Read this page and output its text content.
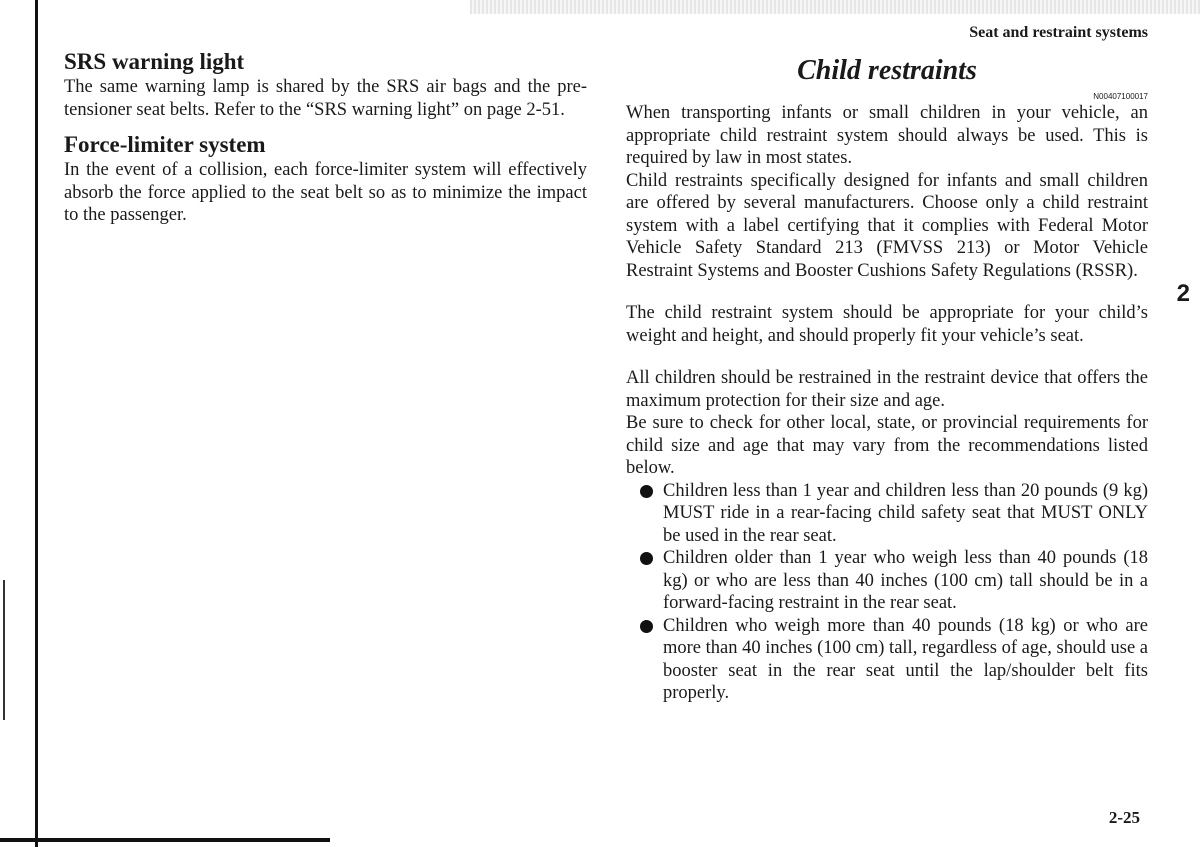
Seat and restraint systems
SRS warning light

The same warning lamp is shared by the SRS air bags and the pre-tensioner seat belts. Refer to the “SRS warning light” on page 2-51.

Force-limiter system

In the event of a collision, each force-limiter system will effectively absorb the force applied to the seat belt so as to minimize the impact to the passenger.

Child restraints
N00407100017

When transporting infants or small children in your vehicle, an appropriate child restraint system should always be used. This is required by law in most states.

Child restraints specifically designed for infants and small children are offered by several manufacturers. Choose only a child restraint system with a label certifying that it complies with Federal Motor Vehicle Safety Standard 213 (FMVSS 213) or Motor Vehicle Restraint Systems and Booster Cushions Safety Regulations (RSSR).

The child restraint system should be appropriate for your child’s weight and height, and should properly fit your vehicle’s seat.

All children should be restrained in the restraint device that offers the maximum protection for their size and age.

Be sure to check for other local, state, or provincial requirements for child size and age that may vary from the recommendations listed below.

Children less than 1 year and children less than 20 pounds (9 kg) MUST ride in a rear-facing child safety seat that MUST ONLY be used in the rear seat.
Children older than 1 year who weigh less than 40 pounds (18 kg) or who are less than 40 inches (100 cm) tall should be in a forward-facing restraint in the rear seat.
Children who weigh more than 40 pounds (18 kg) or who are more than 40 inches (100 cm) tall, regardless of age, should use a booster seat in the rear seat until the lap/shoulder belt fits properly.
2
2-25
